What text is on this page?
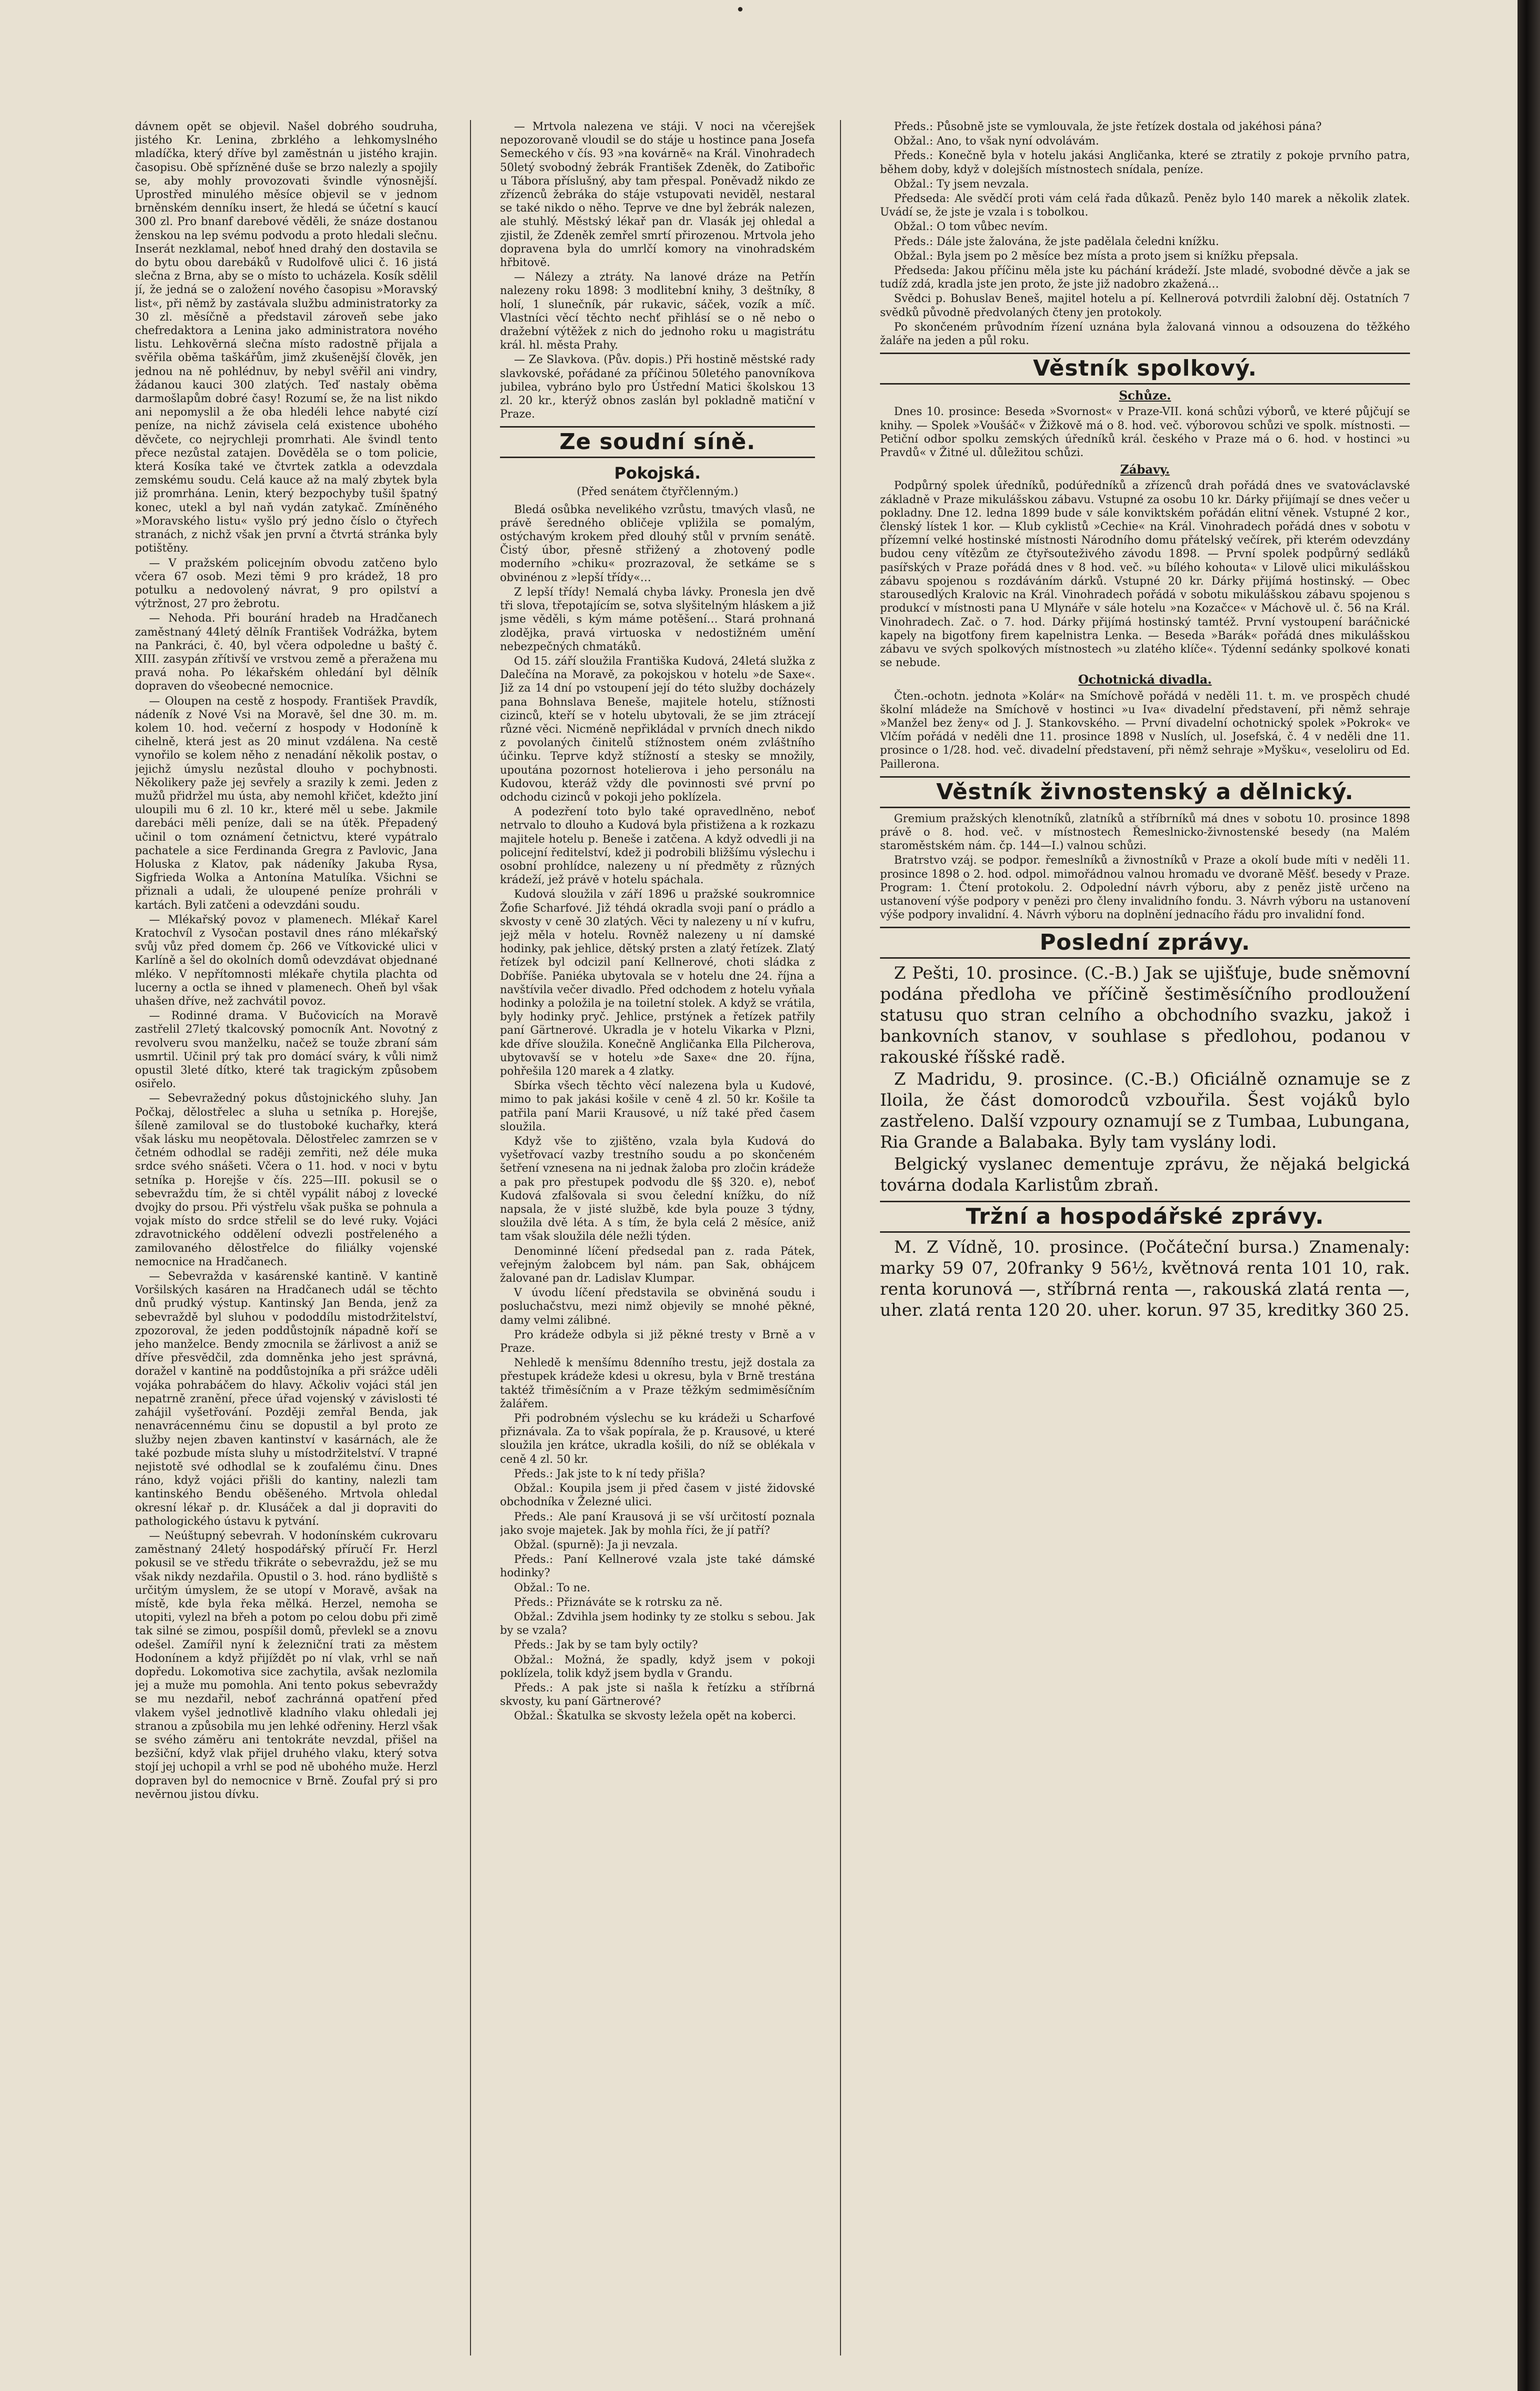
dávnem opět se objevil. Našel dobrého soudruha, jistého Kr. Lenina, zbrklého a lehkomyslného mladíčka, který dříve byl zaměstnán u jistého krajin. časopisu. Obě spřízněné duše se brzo nalezly a spojily se, aby mohly provozovati švindle výnosnější. Uprostřed minulého měsíce objevil se v jednom brněnském denníku insert, že hledá se účetní s kaucí 300 zl. Pro bnanf darebové věděli, že snáze dostanou ženskou na lep svému podvodu a proto hledali slečnu. Inserát nezklamal, neboť hned drahý den dostavila se do bytu obou darebáků v Rudolfově ulici č. 16 jistá slečna z Brna, aby se o místo to ucházela. Kosík sdělil jí, že jedná se o založení nového časopisu »Moravský list«, při němž by zastávala službu administratorky za 30 zl. měsíčně a představil zároveň sebe jako chefredaktora a Lenina jako administratora nového listu. Lehkověrná slečna místo radostně přijala a svěřila oběma taškářům, jimž zkušenější člověk, jen jednou na ně pohlédnuv, by nebyl svěřil ani vindry, žádanou kauci 300 zlatých. Teď nastaly oběma darmošlapům dobré časy! Rozumí se, že na list nikdo ani nepomyslil a že oba hledéli lehce nabyté cizí peníze, na nichž závisela celá existence ubohého děvčete, co nejrychleji promrhati. Ale švindl tento přece nezůstal zatajen. Dověděla se o tom policie, která Kosíka také ve čtvrtek zatkla a odevzdala zemskému soudu. Celá kauce až na malý zbytek byla již promrhána. Lenin, který bezpochyby tušil špatný konec, utekl a byl naň vydán zatykač. Zmíněného »Moravského listu« vyšlo prý jedno číslo o čtyřech stranách, z nichž však jen první a čtvrtá stránka byly potištěny.

— V pražském policejním obvodu zatčeno bylo včera 67 osob. Mezi těmi 9 pro krádež, 18 pro potulku a nedovolený návrat, 9 pro opilství a výtržnost, 27 pro žebrotu.

— Nehoda. Při bourání hradeb na Hradčanech zaměstnaný 44letý dělník František Vodrážka, bytem na Pankráci, č. 40, byl včera odpoledne u baštý č. XIII. zasypán zřítivší ve vrstvou země a přeražena mu pravá noha. Po lékařském ohledání byl dělník dopraven do všeobecné nemocnice.

— Oloupen na cestě z hospody. František Pravdík, nádeník z Nové Vsi na Moravě, šel dne 30. m. m. kolem 10. hod. večerní z hospody v Hodoníně k cihelně, která jest as 20 minut vzdálena. Na cestě vynořilo se kolem něho z nenadání několik postav, o jejichž úmyslu nezůstal dlouho v pochybnosti. Několikery paže jej sevřely a srazily k zemi. Jeden z mužů přidržel mu ústa, aby nemohl křičet, kdežto jiní uloupili mu 6 zl. 10 kr., které měl u sebe. Jakmile darebáci měli peníze, dali se na útěk. Přepadený učinil o tom oznámení četnictvu, které vypátralo pachatele a sice Ferdinanda Gregra z Pavlovic, Jana Holuska z Klatov, pak nádeníky Jakuba Rysa, Sigfrieda Wolka a Antonína Matulíka. Všichni se přiznali a udali, že uloupené peníze prohráli v kartách. Byli zatčeni a odevzdáni soudu.

— Mlékařský povoz v plamenech. Mlékař Karel Kratochvíl z Vysočan postavil dnes ráno mlékařský svůj vůz před domem čp. 266 ve Vítkovické ulici v Karlíně a šel do okolních domů odevzdávat objednané mléko. V nepřítomnosti mlékaře chytila plachta od lucerny a octla se ihned v plamenech. Oheň byl však uhašen dříve, než zachvátil povoz.

— Rodinné drama. V Bučovicích na Moravě zastřelil 27letý tkalcovský pomocník Ant. Novotný z revolveru svou manželku, načež se touže zbraní sám usmrtil. Učinil prý tak pro domácí sváry, k vůli nimž opustil 3leté dítko, které tak tragickým způsobem osiřelo.

— Sebevražedný pokus důstojnického sluhy. Jan Počkaj, dělostřelec a sluha u setníka p. Horejše, šíleně zamiloval se do tlustoboké kuchařky, která však lásku mu neopětovala. Dělostřelec zamrzen se v četném odhodlal se raději zemřiti, než déle muka srdce svého snášeti. Včera o 11. hod. v noci v bytu setníka p. Horejše v čís. 225—III. pokusil se o sebevraždu tím, že si chtěl vypálit náboj z lovecké dvojky do prsou. Při výstřelu však puška se pohnula a vojak místo do srdce střelil se do levé ruky. Vojáci zdravotnického oddělení odvezli postřeleného a zamilovaného dělostřelce do filiálky vojenské nemocnice na Hradčanech.

— Sebevražda v kasárenské kantině. V kantině Voršilských kasáren na Hradčanech udál se těchto dnů prudký výstup. Kantinský Jan Benda, jenž za sebevraždě byl sluhou v pododdílu mistodržitelství, zpozoroval, že jeden poddůstojník nápadně koří se jeho manželce. Bendy zmocnila se žárlivost a aniž se dříve přesvědčil, zda domněnka jeho jest správná, doražel v kantině na poddůstojníka a při srážce uděli vojáka pohrabáčem do hlavy. Ačkoliv vojáci stál jen nepatrně zranění, přece úřad vojenský v závislosti té zahájil vyšetřování. Později zemřal Benda, jak nenavrácennému činu se dopustil a byl proto ze služby nejen zbaven kantinství v kasárnách, ale že také pozbude místa sluhy u místodržitelství. V trapné nejistotě své odhodlal se k zoufalému činu. Dnes ráno, když vojáci přišli do kantiny, nalezli tam kantinského Bendu oběšeného. Mrtvola ohledal okresní lékař p. dr. Klusáček a dal ji dopraviti do pathologického ústavu k pytvání.

— Neúštupný sebevrah. V hodonínském cukrovaru zaměstnaný 24letý hospodářský příručí Fr. Herzl pokusil se ve středu třikráte o sebevraždu, jež se mu však nikdy nezdařila. Opustil o 3. hod. ráno bydliště s určitým úmyslem, že se utopí v Moravě, avšak na místě, kde byla řeka mělká. Herzel, nemoha se utopiti, vylezl na břeh a potom po celou dobu při zimě tak silné se zimou, pospíšil domů, převlekl se a znovu odešel. Zamířil nyní k železniční trati za městem Hodonínem a když přijíždět po ní vlak, vrhl se naň dopředu. Lokomotiva sice zachytila, avšak nezlomila jej a muže mu pomohla. Ani tento pokus sebevraždy se mu nezdařil, neboť zachránná opatření před vlakem vyšel jednotlivě kladního vlaku ohledali jej stranou a způsobila mu jen lehké odřeniny. Herzl však se svého záměru ani tentokráte nevzdal, přišel na bezšiční, když vlak přijel druhého vlaku, který sotva stojí jej uchopil a vrhl se pod ně ubohého muže. Herzl dopraven byl do nemocnice v Brně. Zoufal prý si pro nevěrnou jistou dívku.

— Mrtvola nalezena ve stáji. V noci na včerejšek nepozorovaně vloudil se do stáje u hostince pana Josefa Semeckého v čís. 93 »na kovárně« na Král. Vinohradech 50letý svobodný žebrák František Zdeněk, do Zatibořic u Tábora příslušný, aby tam přespal. Poněvadž nikdo ze zřízenců žebráka do stáje vstupovati neviděl, nestaral se také nikdo o něho. Teprve ve dne byl žebrák nalezen, ale stuhlý. Městský lékař pan dr. Vlasák jej ohledal a zjistil, že Zdeněk zemřel smrtí přirozenou. Mrtvola jeho dopravena byla do umrlčí komory na vinohradském hřbitově.

— Nálezy a ztráty. Na lanové dráze na Petřín nalezeny roku 1898: 3 modlitební knihy, 3 deštníky, 8 holí, 1 slunečník, pár rukavic, sáček, vozík a míč. Vlastníci věcí těchto nechť přihlásí se o ně nebo o dražební výtěžek z nich do jednoho roku u magistrátu král. hl. města Prahy.

— Ze Slavkova. (Pův. dopis.) Při hostině městské rady slavkovské, pořádané za příčinou 50letého panovníkova jubilea, vybráno bylo pro Ústřední Matici školskou 13 zl. 20 kr., kterýž obnos zaslán byl pokladně matiční v Praze.

Ze soudní síně.
Pokojská.
(Před senátem čtyřčlenným.)

Bledá osůbka nevelikého vzrůstu, tmavých vlasů, ne právě šeredného obličeje vpližila se pomalým, ostýchavým krokem před dlouhý stůl v prvním senátě. Čistý úbor, přesně střižený a zhotovený podle moderního »chiku« prozrazoval, že setkáme se s obvinénou z »lepší třídy«…

Z lepší třídy! Nemalá chyba lávky. Pronesla jen dvě tři slova, třepotajícím se, sotva slyšitelným hláskem a již jsme věděli, s kým máme potěšení… Stará prohnaná zlodějka, pravá virtuoska v nedostižném umění nebezpečných chmatáků.

Od 15. září sloužila Františka Kudová, 24letá služka z Dalečína na Moravě, za pokojskou v hotelu »de Saxe«. Již za 14 dní po vstoupení její do této služby docházely pana Bohnslava Beneše, majitele hotelu, stížnosti cizinců, kteří se v hotelu ubytovali, že se jim ztrácejí různé věci. Nicméně nepřikládal v prvních dnech nikdo z povolaných činitelů stížnostem oném zvláštního účinku. Teprve když stížností a stesky se množily, upoutána pozornost hotelierova i jeho personálu na Kudovou, kteráž vždy dle povinnosti své první po odchodu cizinců v pokoji jeho poklízela.

A podezření toto bylo také opravedlněno, neboť netrvalo to dlouho a Kudová byla přistižena a k rozkazu majitele hotelu p. Beneše i zatčena. A když odvedli ji na policejní ředitelství, kdež ji podrobili bližšímu výslechu i osobní prohlídce, nalezeny u ní předměty z různých krádeží, jež právě v hotelu spáchala.

Kudová sloužila v září 1896 u pražské soukromnice Žofie Scharfové. Již téhdá okradla svoji paní o prádlo a skvosty v ceně 30 zlatých. Věci ty nalezeny u ní v kufru, jejž měla v hotelu. Rovněž nalezeny u ní damské hodinky, pak jehlice, dětský prsten a zlatý řetízek. Zlatý řetízek byl odcizil paní Kellnerové, choti sládka z Dobříše. Paniéka ubytovala se v hotelu dne 24. října a navštívila večer divadlo. Před odchodem z hotelu vyňala hodinky a položila je na toiletní stolek. A když se vrátila, byly hodinky pryč. Jehlice, prstýnek a řetízek patřily paní Gärtnerové. Ukradla je v hotelu Vikarka v Plzni, kde dříve sloužila. Konečně Angličanka Ella Pilcherova, ubytovavší se v hotelu »de Saxe« dne 20. října, pohřešila 120 marek a 4 zlatky.

Sbírka všech těchto věcí nalezena byla u Kudové, mimo to pak jakási košile v ceně 4 zl. 50 kr. Košile ta patřila paní Marii Krausové, u níž také před časem sloužila.

Když vše to zjištěno, vzala byla Kudová do vyšetřovací vazby trestního soudu a po skončeném šetření vznesena na ni jednak žaloba pro zločin krádeže a pak pro přestupek podvodu dle §§ 320. e), neboť Kudová zfalšovala si svou čelední knížku, do níž napsala, že v jisté službě, kde byla pouze 3 týdny, sloužila dvě léta. A s tím, že byla celá 2 měsíce, aniž tam však sloužila déle nežli týden.

Denominné líčení předsedal pan z. rada Pátek, veřejným žalobcem byl nám. pan Sak, obhájcem žalované pan dr. Ladislav Klumpar.

V úvodu líčení představila se obviněná soudu i posluchačstvu, mezi nimž objevily se mnohé pěkné, damy velmi zálibné.

Pro krádeže odbyla si již pěkné tresty v Brně a v Praze.

Nehledě k menšímu 8denního trestu, jejž dostala za přestupek krádeže kdesi u okresu, byla v Brně trestána taktéž třiměsíčním a v Praze těžkým sedmiměsíčním žalářem.

Při podrobném výslechu se ku krádeži u Scharfové přiznávala. Za to však popírala, že p. Krausové, u které sloužila jen krátce, ukradla košili, do níž se oblékala v ceně 4 zl. 50 kr.

Předs.: Jak jste to k ní tedy přišla?

Obžal.: Koupila jsem ji před časem v jisté židovské obchodníka v Železné ulici.

Předs.: Ale paní Krausová ji se vší určitostí poznala jako svoje majetek. Jak by mohla říci, že jí patří?

Obžal. (spurně): Ja ji nevzala.

Předs.: Paní Kellnerové vzala jste také dámské hodinky?

Obžal.: To ne.

Předs.: Přiznáváte se k rotrsku za ně.

Obžal.: Zdvihla jsem hodinky ty ze stolku s sebou. Jak by se vzala?

Předs.: Jak by se tam byly octily?

Obžal.: Možná, že spadly, když jsem v pokoji poklízela, tolik když jsem bydla v Grandu.

Předs.: A pak jste si našla k řetízku a stříbrná skvosty, ku paní Gärtnerové?

Obžal.: Škatulka se skvosty ležela opět na koberci.

Předs.: Působně jste se vymlouvala, že jste řetízek dostala od jakéhosi pána?

Obžal.: Ano, to však nyní odvolávám.

Předs.: Konečně byla v hotelu jakási Angličanka, které se ztratily z pokoje prvního patra, během doby, když v dolejších místnostech snídala, peníze.

Obžal.: Ty jsem nevzala.

Předseda: Ale svědčí proti vám celá řada důkazů. Peněz bylo 140 marek a několik zlatek. Uvádí se, že jste je vzala i s tobolkou.

Obžal.: O tom vůbec nevím.

Předs.: Dále jste žalována, že jste padělala čeledni knížku.

Obžal.: Byla jsem po 2 měsíce bez místa a proto jsem si knížku přepsala.

Předseda: Jakou příčinu měla jste ku páchání krádeží. Jste mladé, svobodné děvče a jak se tudíž zdá, kradla jste jen proto, že jste již nadobro zkažená…

Svědci p. Bohuslav Beneš, majitel hotelu a pí. Kellnerová potvrdili žalobní děj. Ostatních 7 svědků původně předvolaných čteny jen protokoly.

Po skončeném průvodním řízení uznána byla žalovaná vinnou a odsouzena do těžkého žaláře na jeden a půl roku.

Věstník spolkový.
Schůze.

Dnes 10. prosince: Beseda »Svornost« v Praze-VII. koná schůzi výborů, ve které půjčují se knihy. — Spolek »Voušáč« v Žižkově má o 8. hod. več. výborovou schůzi ve spolk. místnosti. — Petiční odbor spolku zemských úředníků král. českého v Praze má o 6. hod. v hostinci »u Pravdů« v Žitné ul. důležitou schůzi.

Zábavy.

Podpůrný spolek úředníků, podúředníků a zřízenců drah pořádá dnes ve svatováclavské základně v Praze mikulášskou zábavu. Vstupné za osobu 10 kr. Dárky přijímají se dnes večer u pokladny. Dne 12. ledna 1899 bude v sále konviktském pořádán elitní věnek. Vstupné 2 kor., členský lístek 1 kor. — Klub cyklistů »Cechie« na Král. Vinohradech pořádá dnes v sobotu v přízemní velké hostinské místnosti Národního domu přátelský večírek, při kterém odevzdány budou ceny vítězům ze čtyřsouteživého závodu 1898. — První spolek podpůrný sedláků pasířských v Praze pořádá dnes v 8 hod. več. »u bílého kohouta« v Lilově ulici mikulášskou zábavu spojenou s rozdáváním dárků. Vstupné 20 kr. Dárky přijímá hostinský. — Obec starousedlých Kralovic na Král. Vinohradech pořádá v sobotu mikulášskou zábavu spojenou s produkcí v místnosti pana U Mlynáře v sále hotelu »na Kozačce« v Máchově ul. č. 56 na Král. Vinohradech. Zač. o 7. hod. Dárky přijímá hostinský tamtéž. První vystoupení baráčnické kapely na bigotfony firem kapelnistra Lenka. — Beseda »Barák« pořádá dnes mikulášskou zábavu ve svých spolkových místnostech »u zlatého klíče«. Týdenní sedánky spolkové konati se nebude.

Ochotnická divadla.

Čten.-ochotn. jednota »Kolár« na Smíchově pořádá v neděli 11. t. m. ve prospěch chudé školní mládeže na Smíchově v hostinci »u Iva« divadelní představení, při němž sehraje »Manžel bez ženy« od J. J. Stankovského. — První divadelní ochotnický spolek »Pokrok« ve Vlčím pořádá v neděli dne 11. prosince 1898 v Nuslích, ul. Josefská, č. 4 v neděli dne 11. prosince o 1/28. hod. več. divadelní představení, při němž sehraje »Myšku«, veseloliru od Ed. Paillerona.

Věstník živnostenský a dělnický.

Gremium pražských klenotníků, zlatníků a stříbrníků má dnes v sobotu 10. prosince 1898 právě o 8. hod. več. v místnostech Řemeslnicko-živnostenské besedy (na Malém staroměstském nám. čp. 144—I.) valnou schůzi.

Bratrstvo vzáj. se podpor. řemeslníků a živnostníků v Praze a okolí bude míti v neděli 11. prosince 1898 o 2. hod. odpol. mimořádnou valnou hromadu ve dvoraně Měšť. besedy v Praze. Program: 1. Čtení protokolu. 2. Odpolední návrh výboru, aby z peněz jistě určeno na ustanovení výše podpory v penězi pro členy invalidního fondu. 3. Návrh výboru na ustanovení výše podpory invalidní. 4. Návrh výboru na doplnění jednacího řádu pro invalidní fond.

Poslední zprávy.

Z Pešti, 10. prosince. (C.-B.) Jak se ujišťuje, bude sněmovní podána předloha ve příčině šestiměsíčního prodloužení statusu quo stran celního a obchodního svazku, jakož i bankovních stanov, v souhlase s předlohou, podanou v rakouské říšské radě.

Z Madridu, 9. prosince. (C.-B.) Oficiálně oznamuje se z Iloila, že část domorodců vzbouřila. Šest vojáků bylo zastřeleno. Další vzpoury oznamují se z Tumbaa, Lubungana, Ria Grande a Balabaka. Byly tam vyslány lodi.

Belgický vyslanec dementuje zprávu, že nějaká belgická továrna dodala Karlistům zbraň.

Tržní a hospodářské zprávy.

M. Z Vídně, 10. prosince. (Počáteční bursa.) Znamenaly: marky 59 07, 20franky 9 56½, květnová renta 101 10, rak. renta korunová —, stříbrná renta —, rakouská zlatá renta —, uher. zlatá renta 120 20. uher. korun. 97 35, kreditky 360 25.
